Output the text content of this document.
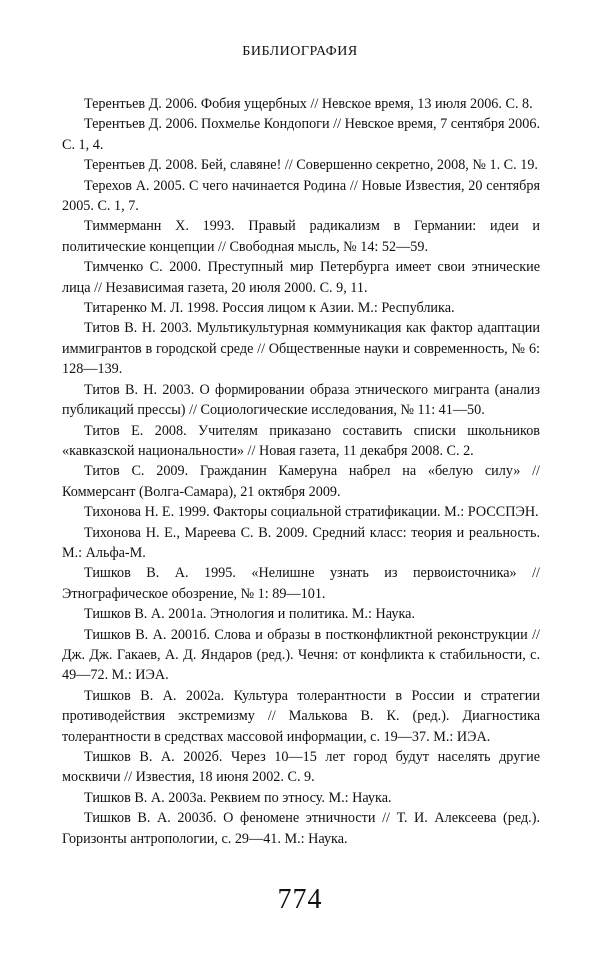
БИБЛИОГРАФИЯ

Терентьев Д. 2006. Фобия ущербных // Невское время, 13 июля 2006. С. 8.

Терентьев Д. 2006. Похмелье Кондопоги // Невское время, 7 сентября 2006. С. 1, 4.

Терентьев Д. 2008. Бей, славяне! // Совершенно секретно, 2008, № 1. С. 19.

Терехов А. 2005. С чего начинается Родина // Новые Известия, 20 сентября 2005. С. 1, 7.

Тиммерманн Х. 1993. Правый радикализм в Германии: идеи и политические концепции // Свободная мысль, № 14: 52—59.

Тимченко С. 2000. Преступный мир Петербурга имеет свои этнические лица // Независимая газета, 20 июля 2000. С. 9, 11.

Титаренко М. Л. 1998. Россия лицом к Азии. М.: Республика.

Титов В. Н. 2003. Мультикультурная коммуникация как фактор адаптации иммигрантов в городской среде // Общественные науки и современность, № 6: 128—139.

Титов В. Н. 2003. О формировании образа этнического мигранта (анализ публикаций прессы) // Социологические исследования, № 11: 41—50.

Титов Е. 2008. Учителям приказано составить списки школьников «кавказской национальности» // Новая газета, 11 декабря 2008. С. 2.

Титов С. 2009. Гражданин Камеруна набрел на «белую силу» // Коммерсант (Волга-Самара), 21 октября 2009.

Тихонова Н. Е. 1999. Факторы социальной стратификации. М.: РОССПЭН.

Тихонова Н. Е., Мареева С. В. 2009. Средний класс: теория и реальность. М.: Альфа-М.

Тишков В. А. 1995. «Нелишне узнать из первоисточника» // Этнографическое обозрение, № 1: 89—101.

Тишков В. А. 2001а. Этнология и политика. М.: Наука.

Тишков В. А. 2001б. Слова и образы в постконфликтной реконструкции // Дж. Дж. Гакаев, А. Д. Яндаров (ред.). Чечня: от конфликта к стабильности, с. 49—72. М.: ИЭА.

Тишков В. А. 2002а. Культура толерантности в России и стратегии противодействия экстремизму // Малькова В. К. (ред.). Диагностика толерантности в средствах массовой информации, с. 19—37. М.: ИЭА.

Тишков В. А. 2002б. Через 10—15 лет город будут населять другие москвичи // Известия, 18 июня 2002. С. 9.

Тишков В. А. 2003а. Реквием по этносу. М.: Наука.

Тишков В. А. 2003б. О феномене этничности // Т. И. Алексеева (ред.). Горизонты антропологии, с. 29—41. М.: Наука.

774
